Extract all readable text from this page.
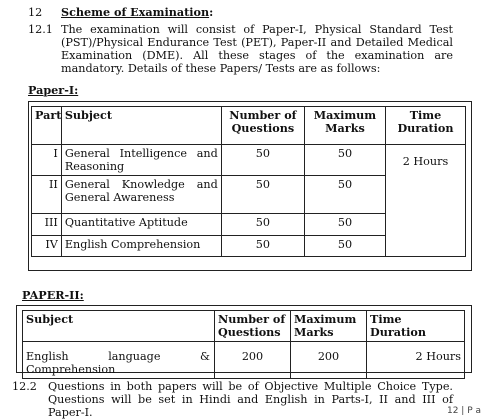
12 Scheme of Examination:
12.1 The examination will consist of Paper-I, Physical Standard Test (PST)/Physical Endurance Test (PET), Paper-II and Detailed Medical Examination (DME). All these stages of the examination are mandatory. Details of these Papers/ Tests are as follows:
Paper-I:
Part	Subject	Number of Questions	Maximum Marks	Time Duration
I	General Intelligence and Reasoning	50	50	2 Hours
II	General Knowledge and General Awareness	50	50	
III	Quantitative Aptitude	50	50	
IV	English Comprehension	50	50	
PAPER-II:
Subject	Number of Questions	Maximum Marks	Time Duration

English language &
Comprehension	200	200	2 Hours
12.2 Questions in both papers will be of Objective Multiple Choice Type. Questions will be set in Hindi and English in Parts-I, II and III of Paper-I.	12 | P a
